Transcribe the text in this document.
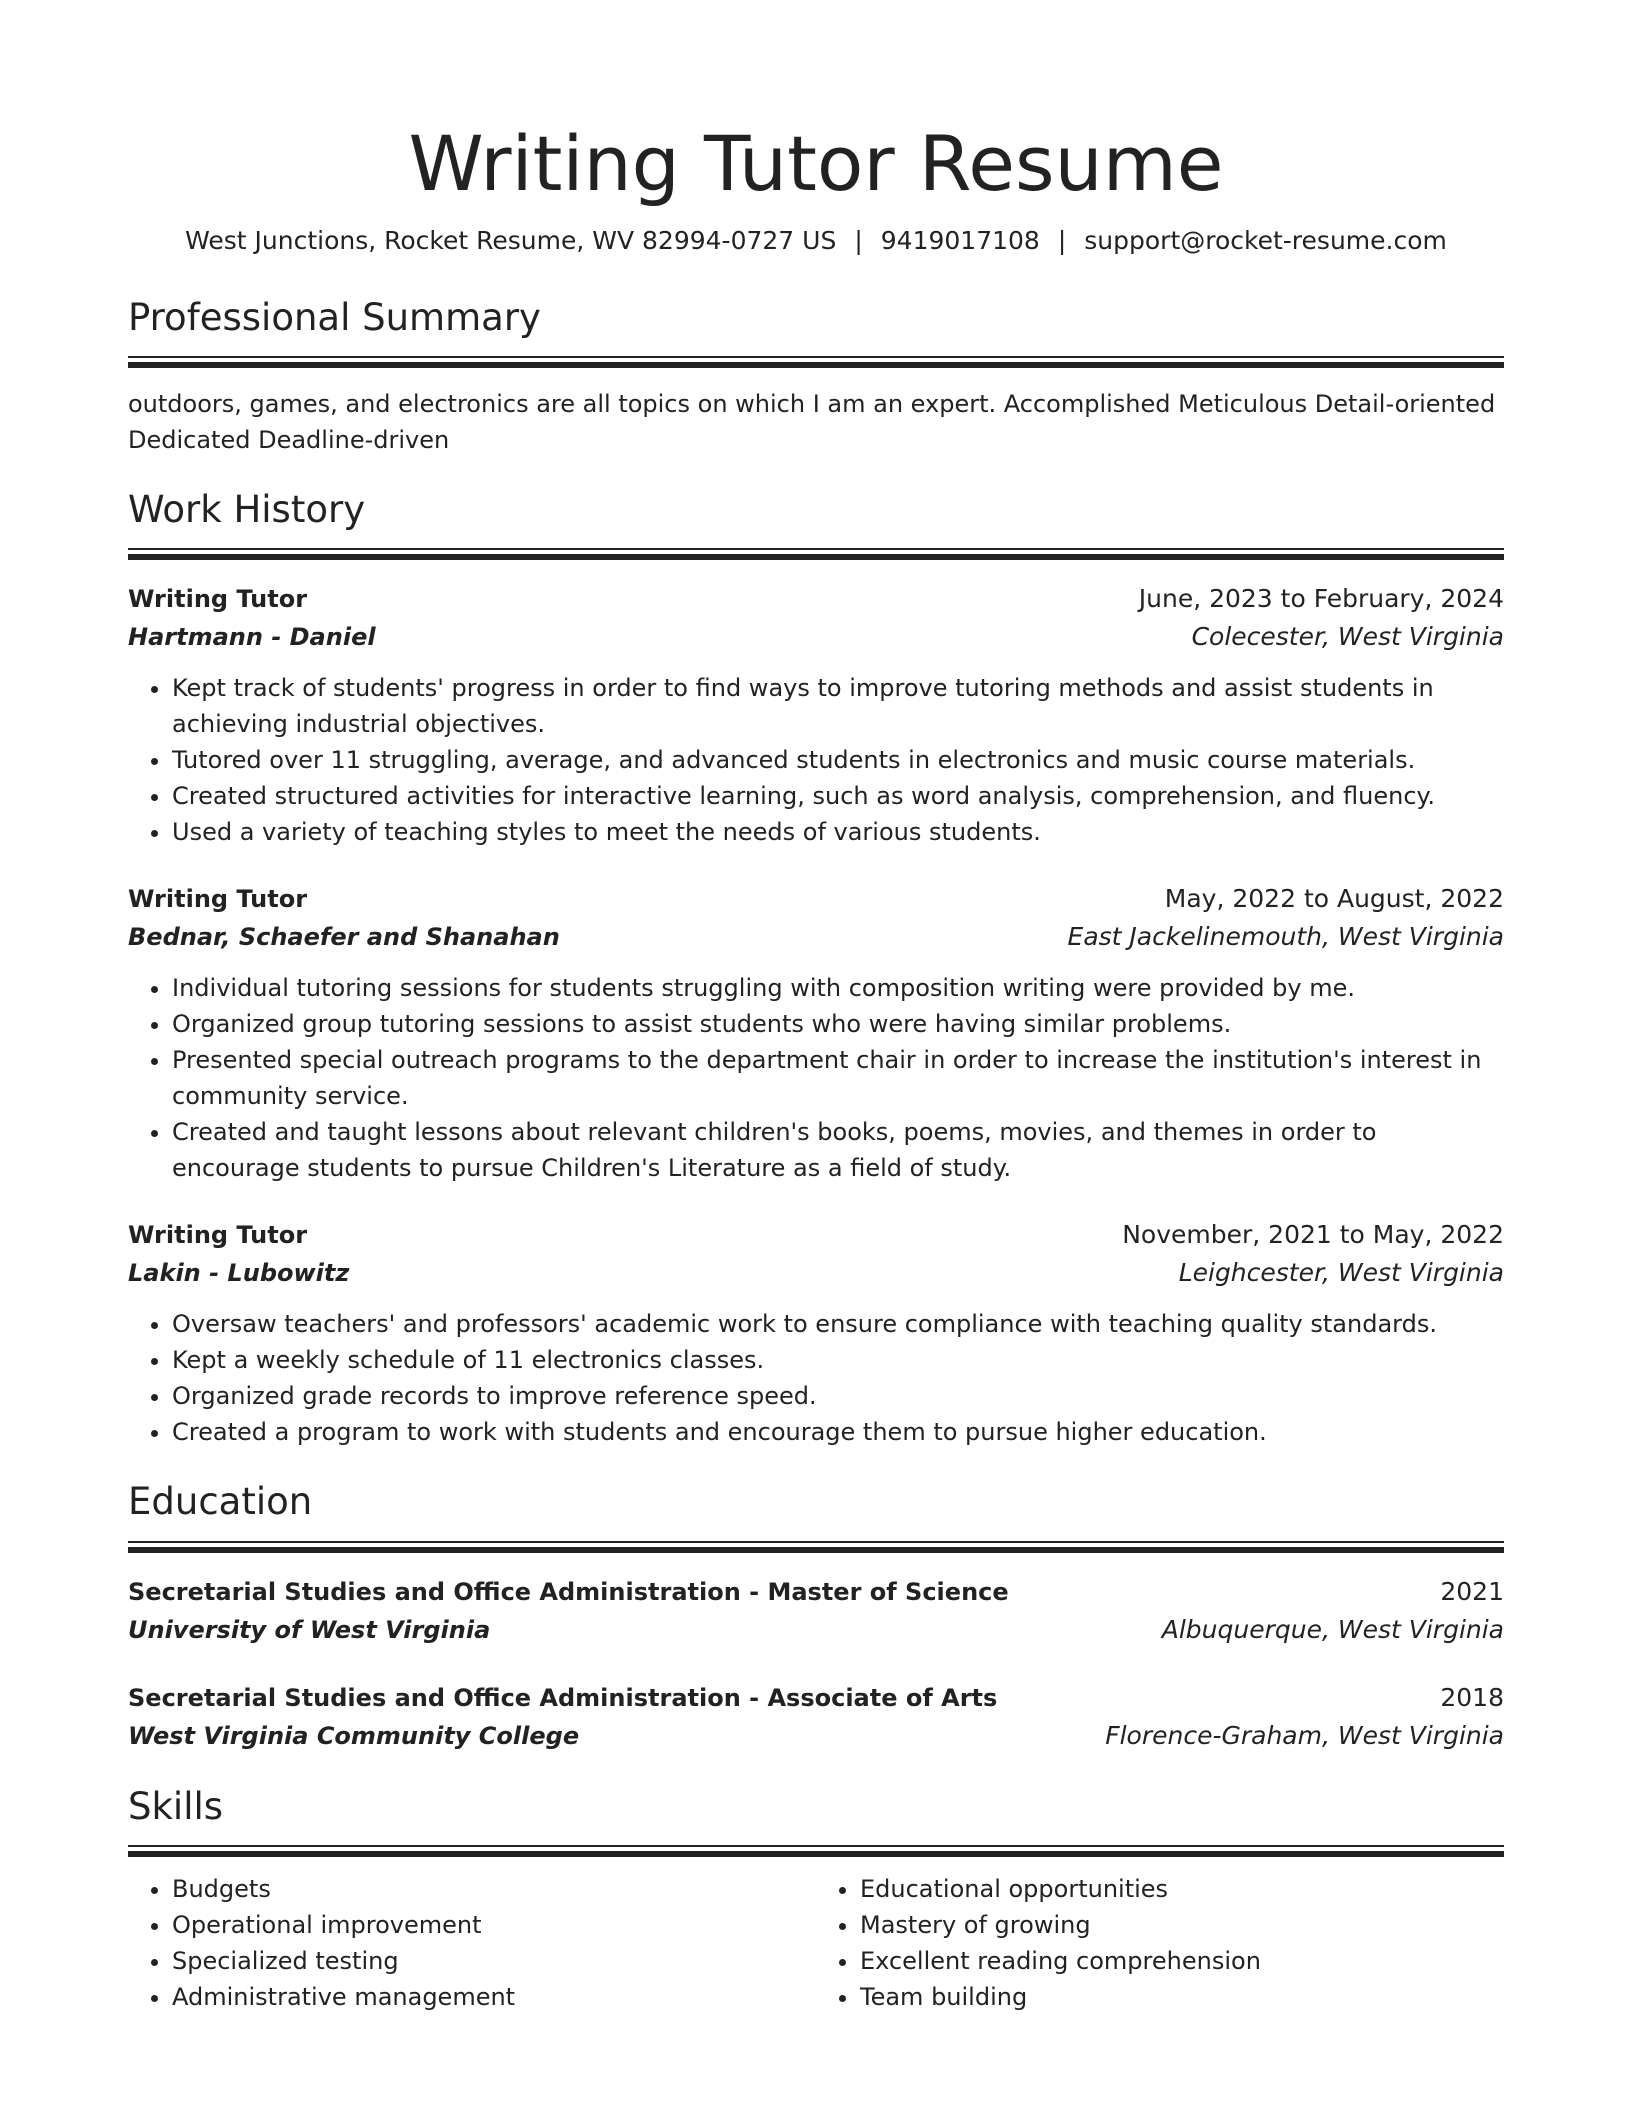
Writing Tutor Resume
West Junctions, Rocket Resume, WV 82994-0727 US | 9419017108 | support@rocket-resume.com
Professional Summary
outdoors, games, and electronics are all topics on which I am an expert. Accomplished Meticulous Detail-oriented Dedicated Deadline-driven
Work History
Writing Tutor	June, 2023 to February, 2024
Hartmann - Daniel	Colecester, West Virginia
• Kept track of students' progress in order to find ways to improve tutoring methods and assist students in achieving industrial objectives.
• Tutored over 11 struggling, average, and advanced students in electronics and music course materials.
• Created structured activities for interactive learning, such as word analysis, comprehension, and fluency.
• Used a variety of teaching styles to meet the needs of various students.
Writing Tutor	May, 2022 to August, 2022
Bednar, Schaefer and Shanahan	East Jackelinemouth, West Virginia
• Individual tutoring sessions for students struggling with composition writing were provided by me.
• Organized group tutoring sessions to assist students who were having similar problems.
• Presented special outreach programs to the department chair in order to increase the institution's interest in community service.
• Created and taught lessons about relevant children's books, poems, movies, and themes in order to encourage students to pursue Children's Literature as a field of study.
Writing Tutor	November, 2021 to May, 2022
Lakin - Lubowitz	Leighcester, West Virginia
• Oversaw teachers' and professors' academic work to ensure compliance with teaching quality standards.
• Kept a weekly schedule of 11 electronics classes.
• Organized grade records to improve reference speed.
• Created a program to work with students and encourage them to pursue higher education.
Education
Secretarial Studies and Office Administration - Master of Science	2021
University of West Virginia	Albuquerque, West Virginia
Secretarial Studies and Office Administration - Associate of Arts	2018
West Virginia Community College	Florence-Graham, West Virginia
Skills
• Budgets
• Operational improvement
• Specialized testing
• Administrative management
• Educational opportunities
• Mastery of growing
• Excellent reading comprehension
• Team building
